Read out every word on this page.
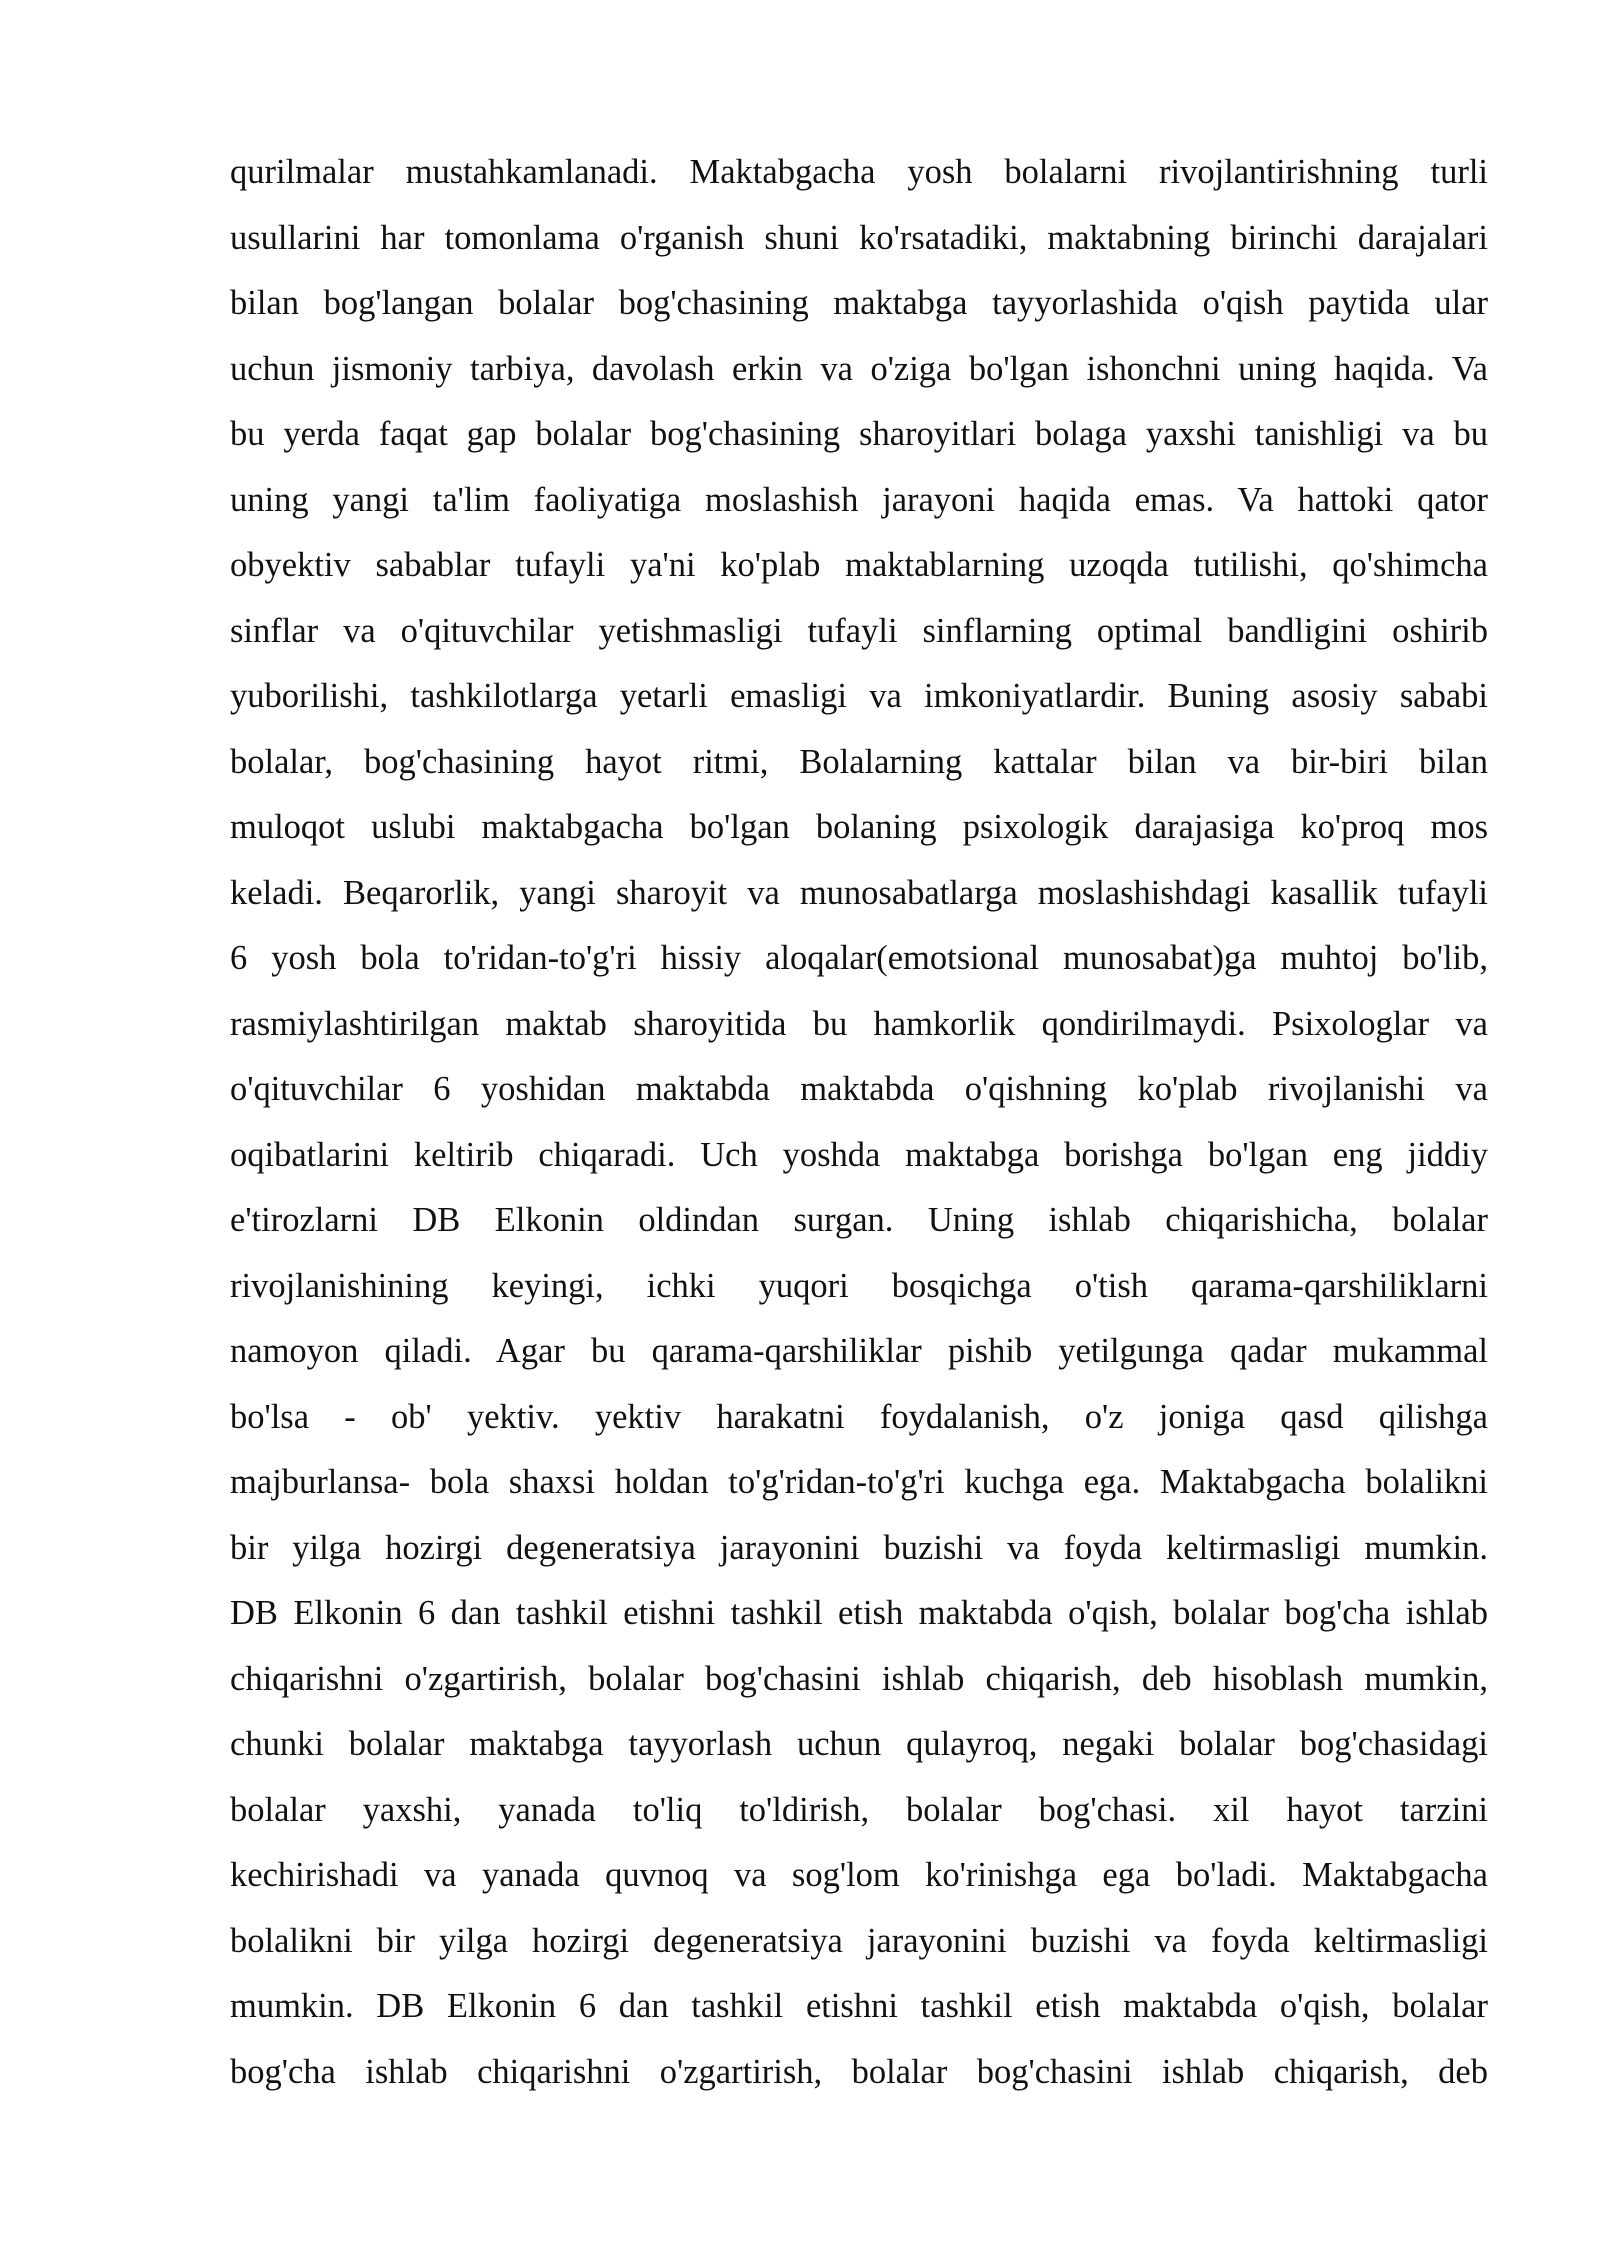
qurilmalar mustahkamlanadi. Maktabgacha yosh bolalarni rivojlantirishning turli
usullarini har tomonlama o'rganish shuni ko'rsatadiki, maktabning birinchi darajalari
bilan bog'langan bolalar bog'chasining maktabga tayyorlashida o'qish paytida ular
uchun jismoniy tarbiya, davolash erkin va o'ziga bo'lgan ishonchni uning haqida. Va
bu yerda faqat gap bolalar bog'chasining sharoyitlari bolaga yaxshi tanishligi va bu
uning yangi ta'lim faoliyatiga moslashish jarayoni haqida emas. Va hattoki qator
obyektiv sabablar tufayli ya'ni ko'plab maktablarning uzoqda tutilishi, qo'shimcha
sinflar va o'qituvchilar yetishmasligi tufayli sinflarning optimal bandligini oshirib
yuborilishi, tashkilotlarga yetarli emasligi va imkoniyatlardir. Buning asosiy sababi
bolalar, bog'chasining hayot ritmi, Bolalarning kattalar bilan va bir-biri bilan
muloqot uslubi maktabgacha bo'lgan bolaning psixologik darajasiga ko'proq mos
keladi. Beqarorlik, yangi sharoyit va munosabatlarga moslashishdagi kasallik tufayli
6 yosh bola to'ridan-to'g'ri hissiy aloqalar(emotsional munosabat)ga muhtoj bo'lib,
rasmiylashtirilgan maktab sharoyitida bu hamkorlik qondirilmaydi. Psixologlar va
o'qituvchilar 6 yoshidan maktabda maktabda o'qishning ko'plab rivojlanishi va
oqibatlarini keltirib chiqaradi. Uch yoshda maktabga borishga bo'lgan eng jiddiy
e'tirozlarni DB Elkonin oldindan surgan. Uning ishlab chiqarishicha, bolalar
rivojlanishining keyingi, ichki yuqori bosqichga o'tish qarama-qarshiliklarni
namoyon qiladi. Agar bu qarama-qarshiliklar pishib yetilgunga qadar mukammal
bo'lsa - ob' yektiv. yektiv harakatni foydalanish, o'z joniga qasd qilishga
majburlansa- bola shaxsi holdan to'g'ridan-to'g'ri kuchga ega. Maktabgacha bolalikni
bir yilga hozirgi degeneratsiya jarayonini buzishi va foyda keltirmasligi mumkin.
DB Elkonin 6 dan tashkil etishni tashkil etish maktabda o'qish, bolalar bog'cha ishlab
chiqarishni o'zgartirish, bolalar bog'chasini ishlab chiqarish, deb hisoblash mumkin,
chunki bolalar maktabga tayyorlash uchun qulayroq, negaki bolalar bog'chasidagi
bolalar yaxshi, yanada to'liq to'ldirish, bolalar bog'chasi. xil hayot tarzini
kechirishadi va yanada quvnoq va sog'lom ko'rinishga ega bo'ladi. Maktabgacha
bolalikni bir yilga hozirgi degeneratsiya jarayonini buzishi va foyda keltirmasligi
mumkin. DB Elkonin 6 dan tashkil etishni tashkil etish maktabda o'qish, bolalar
bog'cha ishlab chiqarishni o'zgartirish, bolalar bog'chasini ishlab chiqarish, deb
